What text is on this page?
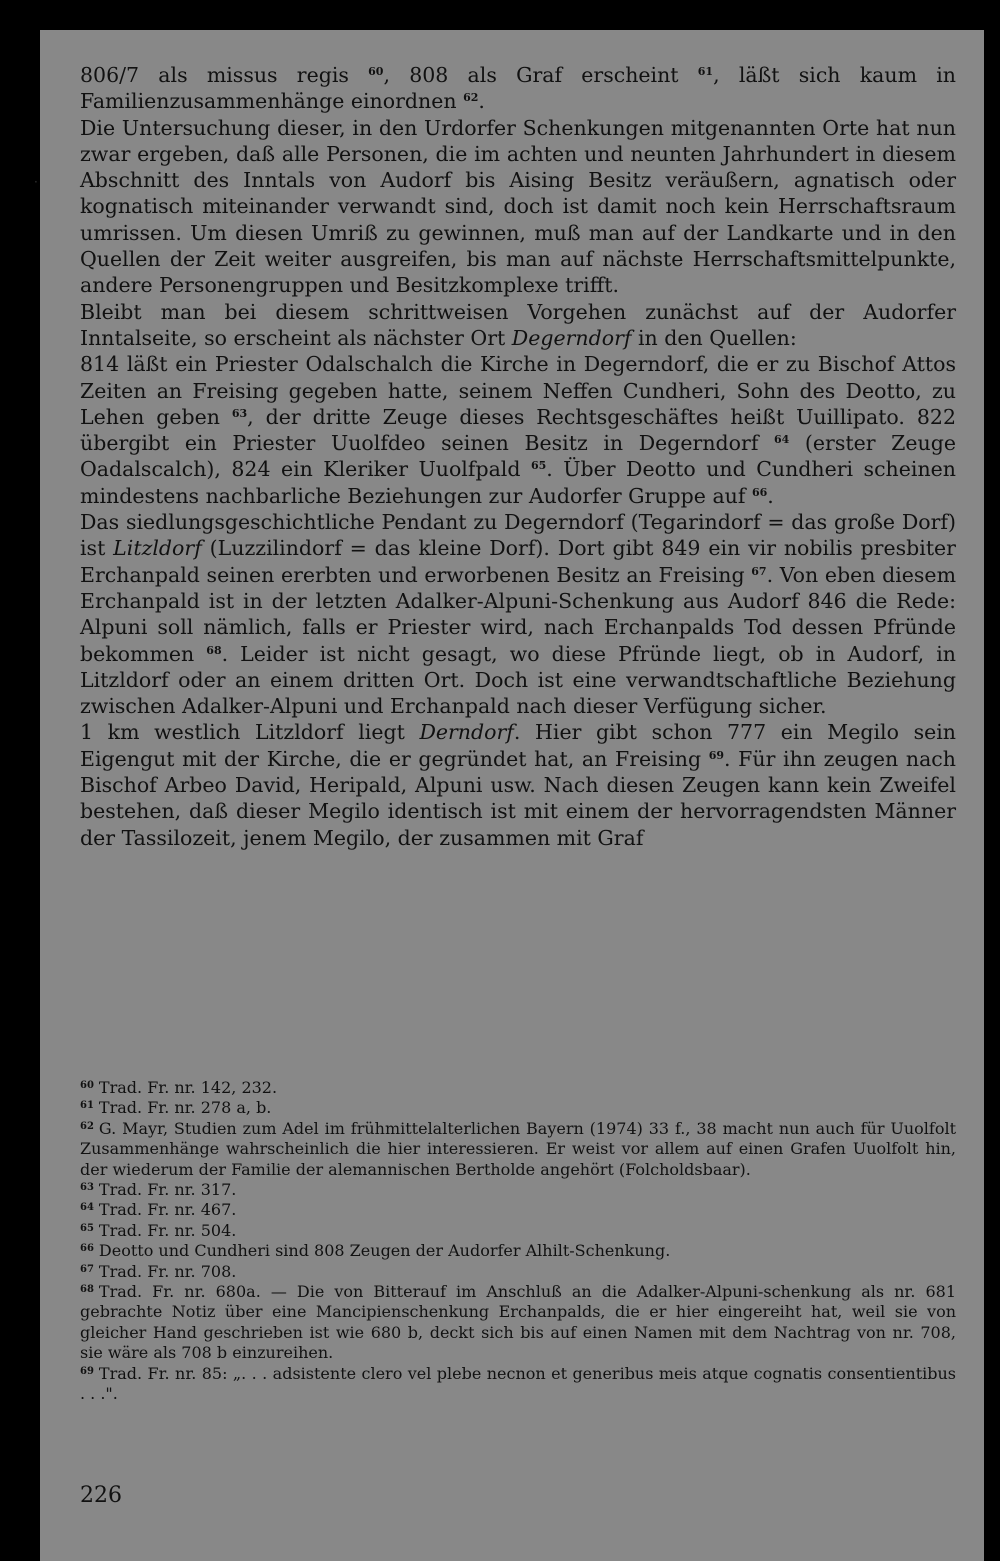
·

806/7 als missus regis $^{60}$, 808 als Graf erscheint $^{61}$, läßt sich kaum in Familienzusammenhänge einordnen $^{62}$.

Die Untersuchung dieser, in den Urdorfer Schenkungen mitgenannten Orte hat nun zwar ergeben, daß alle Personen, die im achten und neunten Jahrhundert in diesem Abschnitt des Inntals von Audorf bis Aising Besitz veräußern, agnatisch oder kognatisch miteinander verwandt sind, doch ist damit noch kein Herrschaftsraum umrissen. Um diesen Umriß zu gewinnen, muß man auf der Landkarte und in den Quellen der Zeit weiter ausgreifen, bis man auf nächste Herrschaftsmittelpunkte, andere Personengruppen und Besitzkomplexe trifft.

Bleibt man bei diesem schrittweisen Vorgehen zunächst auf der Audorfer Inntalseite, so erscheint als nächster Ort Degerndorf in den Quellen:

814 läßt ein Priester Odalschalch die Kirche in Degerndorf, die er zu Bischof Attos Zeiten an Freising gegeben hatte, seinem Neffen Cundheri, Sohn des Deotto, zu Lehen geben $^{63}$, der dritte Zeuge dieses Rechtsgeschäftes heißt Uuillipato. 822 übergibt ein Priester Uuolfdeo seinen Besitz in Degerndorf $^{64}$ (erster Zeuge Oadalscalch), 824 ein Kleriker Uuolfpald $^{65}$. Über Deotto und Cundheri scheinen mindestens nachbarliche Beziehungen zur Audorfer Gruppe auf $^{66}$.

Das siedlungsgeschichtliche Pendant zu Degerndorf (Tegarindorf = das große Dorf) ist Litzldorf (Luzzilindorf = das kleine Dorf). Dort gibt 849 ein vir nobilis presbiter Erchanpald seinen ererbten und erworbenen Besitz an Freising $^{67}$. Von eben diesem Erchanpald ist in der letzten Adalker-Alpuni-Schenkung aus Audorf 846 die Rede: Alpuni soll nämlich, falls er Priester wird, nach Erchanpalds Tod dessen Pfründe bekommen $^{68}$. Leider ist nicht gesagt, wo diese Pfründe liegt, ob in Audorf, in Litzldorf oder an einem dritten Ort. Doch ist eine verwandtschaftliche Beziehung zwischen Adalker-Alpuni und Erchanpald nach dieser Verfügung sicher.

1 km westlich Litzldorf liegt Derndorf. Hier gibt schon 777 ein Megilo sein Eigengut mit der Kirche, die er gegründet hat, an Freising $^{69}$. Für ihn zeugen nach Bischof Arbeo David, Heripald, Alpuni usw. Nach diesen Zeugen kann kein Zweifel bestehen, daß dieser Megilo identisch ist mit einem der hervorragendsten Männer der Tassilozeit, jenem Megilo, der zusammen mit Graf

$^{60}$ Trad. Fr. nr. 142, 232.

$^{61}$ Trad. Fr. nr. 278 a, b.

$^{62}$ G. Mayr, Studien zum Adel im frühmittelalterlichen Bayern (1974) 33 f., 38 macht nun auch für Uuolfolt Zusammenhänge wahrscheinlich die hier interessieren. Er weist vor allem auf einen Grafen Uuolfolt hin, der wiederum der Familie der alemannischen Bertholde angehört (Folcholdsbaar).

$^{63}$ Trad. Fr. nr. 317.

$^{64}$ Trad. Fr. nr. 467.

$^{65}$ Trad. Fr. nr. 504.

$^{66}$ Deotto und Cundheri sind 808 Zeugen der Audorfer Alhilt-Schenkung.

$^{67}$ Trad. Fr. nr. 708.

$^{68}$ Trad. Fr. nr. 680a. — Die von Bitterauf im Anschluß an die Adalker-Alpuni-schenkung als nr. 681 gebrachte Notiz über eine Mancipienschenkung Erchanpalds, die er hier eingereiht hat, weil sie von gleicher Hand geschrieben ist wie 680 b, deckt sich bis auf einen Namen mit dem Nachtrag von nr. 708, sie wäre als 708 b einzureihen.

$^{69}$ Trad. Fr. nr. 85: „. . . adsistente clero vel plebe necnon et generibus meis atque cognatis consentientibus . . .".

226
